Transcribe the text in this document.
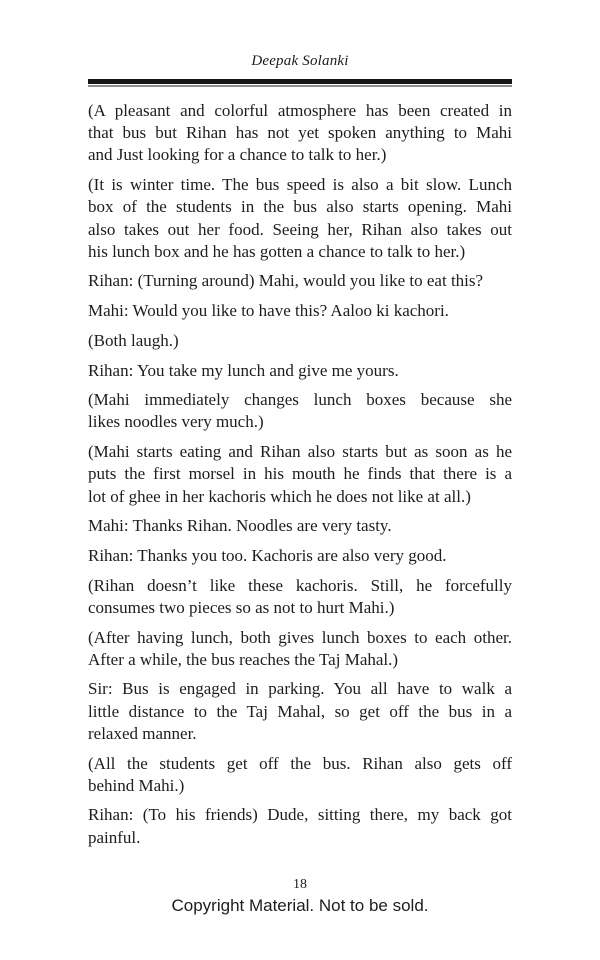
Deepak Solanki

(A pleasant and colorful atmosphere has been created in
that bus but Rihan has not yet spoken anything to Mahi
and Just looking for a chance to talk to her.)

(It is winter time. The bus speed is also a bit slow. Lunch
box of the students in the bus also starts opening. Mahi
also takes out her food. Seeing her, Rihan also takes out
his lunch box and he has gotten a chance to talk to her.)

Rihan: (Turning around) Mahi, would you like to eat this?

Mahi: Would you like to have this? Aaloo ki kachori.

(Both laugh.)

Rihan: You take my lunch and give me yours.

(Mahi immediately changes lunch boxes because she
likes noodles very much.)

(Mahi starts eating and Rihan also starts but as soon as he
puts the first morsel in his mouth he finds that there is a
lot of ghee in her kachoris which he does not like at all.)

Mahi: Thanks Rihan. Noodles are very tasty.

Rihan: Thanks you too. Kachoris are also very good.

(Rihan doesn’t like these kachoris. Still, he forcefully
consumes two pieces so as not to hurt Mahi.)

(After having lunch, both gives lunch boxes to each other.
After a while, the bus reaches the Taj Mahal.)

Sir: Bus is engaged in parking. You all have to walk a
little distance to the Taj Mahal, so get off the bus in a
relaxed manner.

(All the students get off the bus. Rihan also gets off
behind Mahi.)

Rihan: (To his friends) Dude, sitting there, my back got
painful.

18
Copyright Material. Not to be sold.
